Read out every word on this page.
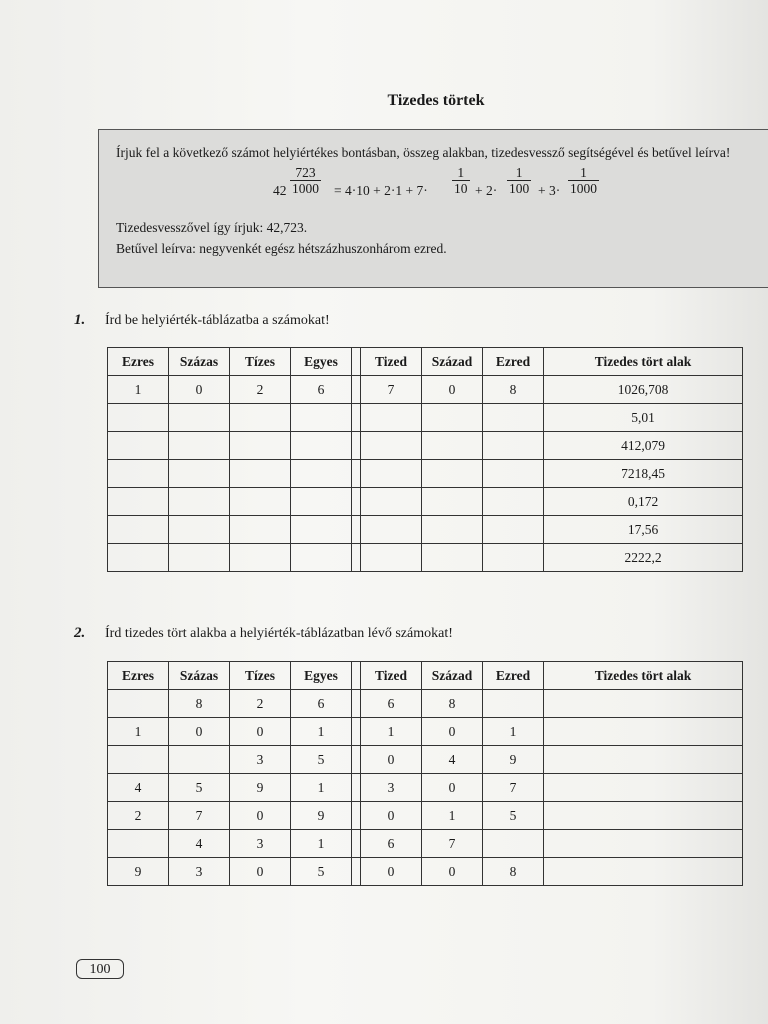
Tizedes törtek

Írjuk fel a következő számot helyiértékes bontásban, összeg alakban, tizedesvessző segítségével és betűvel leírva!

$42 \frac{723}{1000} = 4\cdot 10 + 2\cdot 1 + 7\cdot \frac{1}{10} + 2\cdot \frac{1}{100} + 3\cdot \frac{1}{1000}$

Tizedesvesszővel így írjuk: 42,723.

Betűvel leírva: negyvenkét egész hétszázhuszonhárom ezred.

1. Írd be helyiérték-táblázatba a számokat!
Ezres	Százas	Tízes	Egyes		Tized	Század	Ezred	Tizedes tört alak
1	0	2	6		7	0	8	1026,708
								5,01
								412,079
								7218,45
								0,172
								17,56
								2222,2
2. Írd tizedes tört alakba a helyiérték-táblázatban lévő számokat!
Ezres	Százas	Tízes	Egyes		Tized	Század	Ezred	Tizedes tört alak
	8	2	6		6	8		
1	0	0	1		1	0	1	
		3	5		0	4	9	
4	5	9	1		3	0	7	
2	7	0	9		0	1	5	
	4	3	1		6	7		
9	3	0	5		0	0	8	
100
